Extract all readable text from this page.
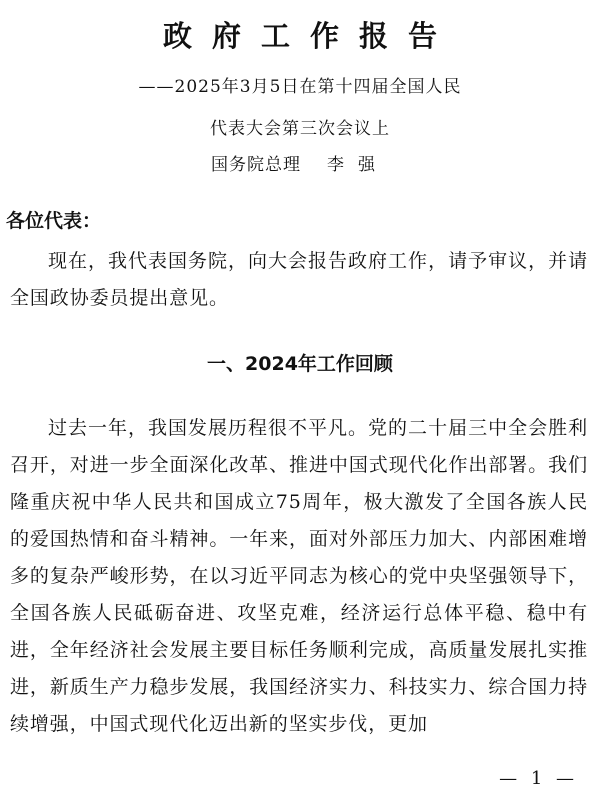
政府工作报告
——2025年3月5日在第十四届全国人民
代表大会第三次会议上
国务院总理 李强
各位代表：
现在，我代表国务院，向大会报告政府工作，请予审议，并请全国政协委员提出意见。
一、2024年工作回顾
过去一年，我国发展历程很不平凡。党的二十届三中全会胜利召开，对进一步全面深化改革、推进中国式现代化作出部署。我们隆重庆祝中华人民共和国成立75周年，极大激发了全国各族人民的爱国热情和奋斗精神。一年来，面对外部压力加大、内部困难增多的复杂严峻形势，在以习近平同志为核心的党中央坚强领导下，全国各族人民砥砺奋进、攻坚克难，经济运行总体平稳、稳中有进，全年经济社会发展主要目标任务顺利完成，高质量发展扎实推进，新质生产力稳步发展，我国经济实力、科技实力、综合国力持续增强，中国式现代化迈出新的坚实步伐，更加
— 1 —
